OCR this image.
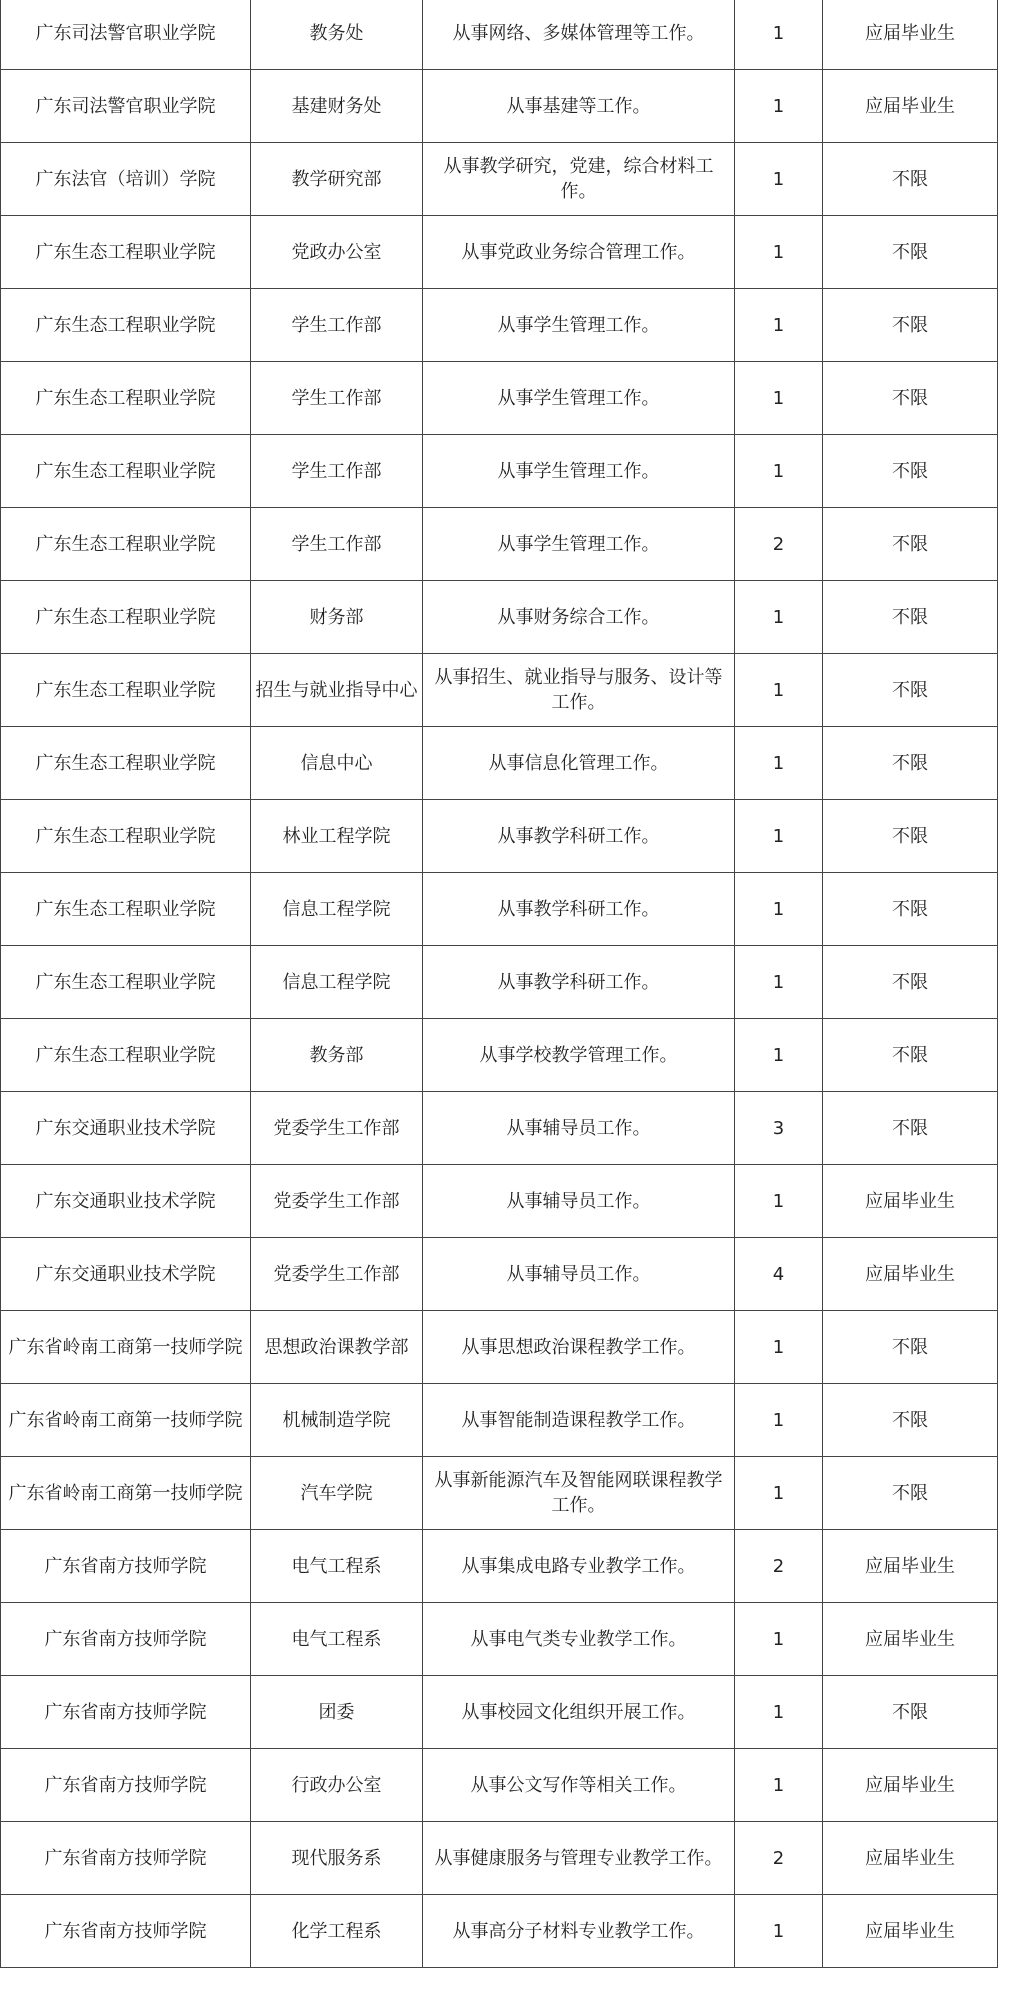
广东司法警官职业学院	教务处	从事网络、多媒体管理等工作。	1	应届毕业生
广东司法警官职业学院	基建财务处	从事基建等工作。	1	应届毕业生
广东法官（培训）学院	教学研究部	从事教学研究，党建，综合材料工作。	1	不限
广东生态工程职业学院	党政办公室	从事党政业务综合管理工作。	1	不限
广东生态工程职业学院	学生工作部	从事学生管理工作。	1	不限
广东生态工程职业学院	学生工作部	从事学生管理工作。	1	不限
广东生态工程职业学院	学生工作部	从事学生管理工作。	1	不限
广东生态工程职业学院	学生工作部	从事学生管理工作。	2	不限
广东生态工程职业学院	财务部	从事财务综合工作。	1	不限
广东生态工程职业学院	招生与就业指导中心	从事招生、就业指导与服务、设计等工作。	1	不限
广东生态工程职业学院	信息中心	从事信息化管理工作。	1	不限
广东生态工程职业学院	林业工程学院	从事教学科研工作。	1	不限
广东生态工程职业学院	信息工程学院	从事教学科研工作。	1	不限
广东生态工程职业学院	信息工程学院	从事教学科研工作。	1	不限
广东生态工程职业学院	教务部	从事学校教学管理工作。	1	不限
广东交通职业技术学院	党委学生工作部	从事辅导员工作。	3	不限
广东交通职业技术学院	党委学生工作部	从事辅导员工作。	1	应届毕业生
广东交通职业技术学院	党委学生工作部	从事辅导员工作。	4	应届毕业生
广东省岭南工商第一技师学院	思想政治课教学部	从事思想政治课程教学工作。	1	不限
广东省岭南工商第一技师学院	机械制造学院	从事智能制造课程教学工作。	1	不限
广东省岭南工商第一技师学院	汽车学院	从事新能源汽车及智能网联课程教学工作。	1	不限
广东省南方技师学院	电气工程系	从事集成电路专业教学工作。	2	应届毕业生
广东省南方技师学院	电气工程系	从事电气类专业教学工作。	1	应届毕业生
广东省南方技师学院	团委	从事校园文化组织开展工作。	1	不限
广东省南方技师学院	行政办公室	从事公文写作等相关工作。	1	应届毕业生
广东省南方技师学院	现代服务系	从事健康服务与管理专业教学工作。	2	应届毕业生
广东省南方技师学院	化学工程系	从事高分子材料专业教学工作。	1	应届毕业生
